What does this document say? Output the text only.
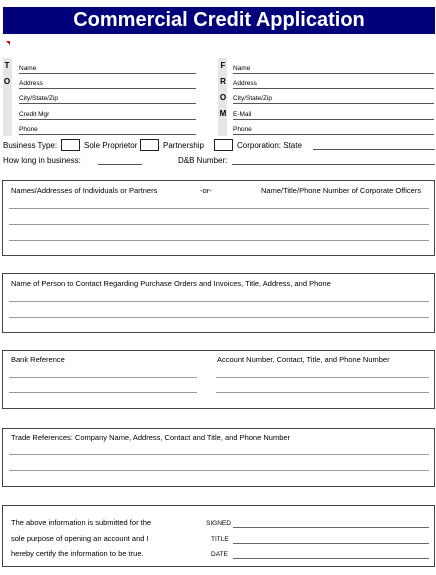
Commercial Credit Application
T
O
Name
Address
City/State/Zip
Credit Mgr
Phone
F
R
O
M
Name
Address
City/State/Zip
E-Mail
Phone
Business Type:	Sole Proprietor	Partnership	Corporation: State
How long in business:	D&B Number:
Names/Addresses of Individuals or Partners	-or-	Name/Title/Phone Number of Corporate Officers
Name of Person to Contact Regarding Purchase Orders and Invoices, Title, Address, and Phone
Bank Reference	Account Number, Contact, Title, and Phone Number
Trade References: Company Name, Address, Contact and Title, and Phone Number
The above information is submitted for the
sole purpose of opening an account and I
hereby certify the information to be true.
SIGNED
TITLE
DATE
